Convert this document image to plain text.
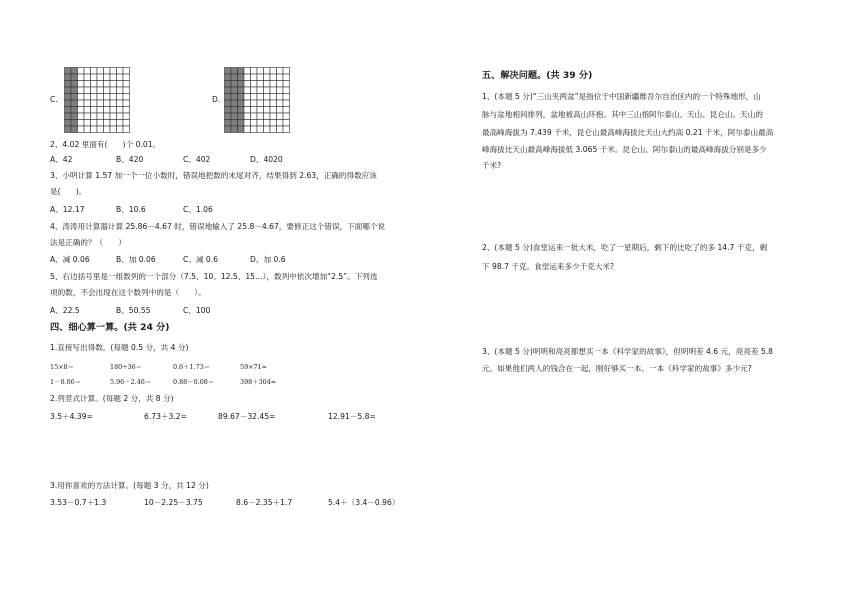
C.	D.
2、4.02 里面有(　　)个 0.01。
A、42	B、420	C、402	D、4020
3、小明计算 1.57 加一个一位小数时，错误地把数的末尾对齐，结果得到 2.63，正确的得数应该
是(　　)。
A、12.17	B、10.6	C、1.06
4、涛涛用计算器计算 25.86－4.67 时，错误地输入了 25.8－4.67，要修正这个错误，下面哪个说
法是正确的？（　　）
A、减 0.06	B、加 0.06	C、减 0.6	D、加 0.6
5、右边括号里是一组数列的一个部分（7.5、10、12.5、15…），数列中依次增加“2.5”。下列选
项的数，不会出现在这个数列中的是（　　）。
A、22.5	B、50.55	C、100
四、细心算一算。(共 24 分)
1.直接写出得数。(每题 0.5 分，共 4 分)
15×8＝	180÷36＝	0.6＋1.73＝	59×71≈
1－0.06＝	5.96－2.46＝	0.88－0.08＝	398＋304≈
2.列竖式计算。(每题 2 分，共 8 分)
3.5＋4.39=	6.73＋3.2=	89.67－32.45=	12.91－5.8=
3.用你喜欢的方法计算。(每题 3 分，共 12 分)
3.53－0.7＋1.3	10－2.25－3.75	8.6－2.35＋1.7	5.4＋（3.4－0.96）
五、解决问题。(共 39 分)
1、(本题 5 分)“三山夹两盆”是指位于中国新疆维吾尔自治区内的一个特殊地形，山
脉与盆地相间排列，盆地被高山环抱。其中三山指阿尔泰山、天山、昆仑山。天山的
最高峰海拔为 7.439 千米，昆仑山最高峰海拔比天山大约高 0.21 千米，阿尔泰山最高
峰海拔比天山最高峰海拔低 3.065 千米。昆仑山、阿尔泰山的最高峰海拔分别是多少
千米?
2、(本题 5 分)食堂运来一批大米，吃了一星期后，剩下的比吃了的多 14.7 千克，剩
下 98.7 千克。食堂运来多少千克大米?
3、(本题 5 分)明明和亮亮都想买一本《科学家的故事》，但明明差 4.6 元，亮亮差 5.8
元。如果他们两人的钱合在一起，刚好够买一本。一本《科学家的故事》多少元?
